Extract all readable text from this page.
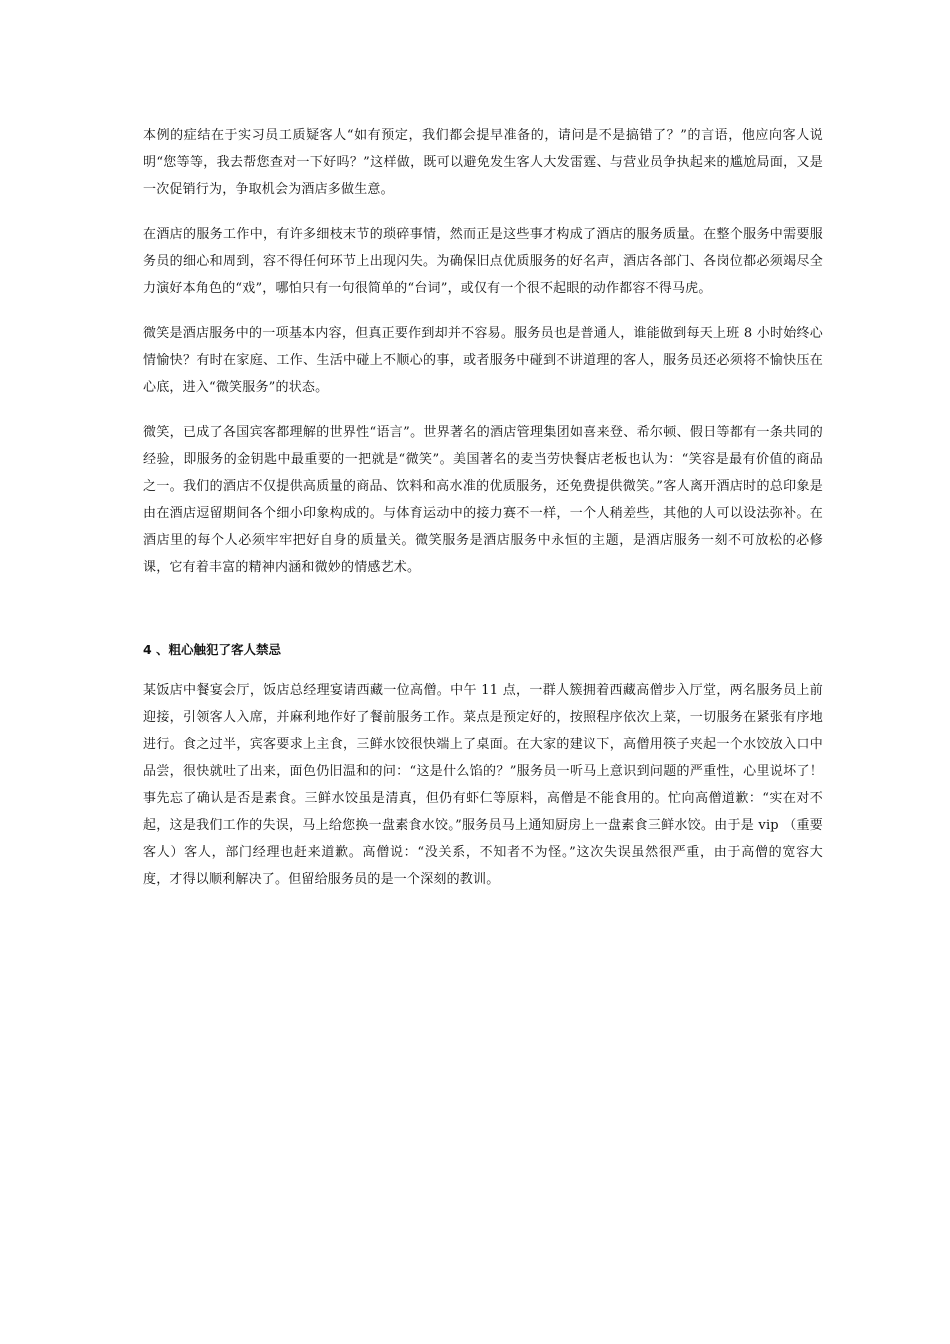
本例的症结在于实习员工质疑客人“如有预定，我们都会提早准备的，请问是不是搞错了？”的言语，他应向客人说明“您等等，我去帮您查对一下好吗？”这样做，既可以避免发生客人大发雷霆、与营业员争执起来的尴尬局面，又是一次促销行为，争取机会为酒店多做生意。

在酒店的服务工作中，有许多细枝末节的琐碎事情，然而正是这些事才构成了酒店的服务质量。在整个服务中需要服务员的细心和周到，容不得任何环节上出现闪失。为确保旧点优质服务的好名声，酒店各部门、各岗位都必须竭尽全力演好本角色的“戏”，哪怕只有一句很简单的“台词”，或仅有一个很不起眼的动作都容不得马虎。

微笑是酒店服务中的一项基本内容，但真正要作到却并不容易。服务员也是普通人，谁能做到每天上班 8 小时始终心情愉快？有时在家庭、工作、生活中碰上不顺心的事，或者服务中碰到不讲道理的客人，服务员还必须将不愉快压在心底，进入“微笑服务”的状态。

微笑，已成了各国宾客都理解的世界性“语言”。世界著名的酒店管理集团如喜来登、希尔顿、假日等都有一条共同的经验，即服务的金钥匙中最重要的一把就是“微笑”。美国著名的麦当劳快餐店老板也认为：“笑容是最有价值的商品之一。我们的酒店不仅提供高质量的商品、饮料和高水准的优质服务，还免费提供微笑。”客人离开酒店时的总印象是由在酒店逗留期间各个细小印象构成的。与体育运动中的接力赛不一样，一个人稍差些，其他的人可以设法弥补。在酒店里的每个人必须牢牢把好自身的质量关。微笑服务是酒店服务中永恒的主题，是酒店服务一刻不可放松的必修课，它有着丰富的精神内涵和微妙的情感艺术。

4 、粗心触犯了客人禁忌

某饭店中餐宴会厅，饭店总经理宴请西藏一位高僧。中午 11 点，一群人簇拥着西藏高僧步入厅堂，两名服务员上前迎接，引领客人入席，并麻利地作好了餐前服务工作。菜点是预定好的，按照程序依次上菜，一切服务在紧张有序地进行。食之过半，宾客要求上主食，三鲜水饺很快端上了桌面。在大家的建议下，高僧用筷子夹起一个水饺放入口中品尝，很快就吐了出来，面色仍旧温和的问：“这是什么馅的？”服务员一听马上意识到问题的严重性，心里说坏了！事先忘了确认是否是素食。三鲜水饺虽是清真，但仍有虾仁等原料，高僧是不能食用的。忙向高僧道歉：“实在对不起，这是我们工作的失误，马上给您换一盘素食水饺。”服务员马上通知厨房上一盘素食三鲜水饺。由于是 vip （重要客人）客人，部门经理也赶来道歉。高僧说：“没关系，不知者不为怪。”这次失误虽然很严重，由于高僧的宽容大度，才得以顺利解决了。但留给服务员的是一个深刻的教训。
